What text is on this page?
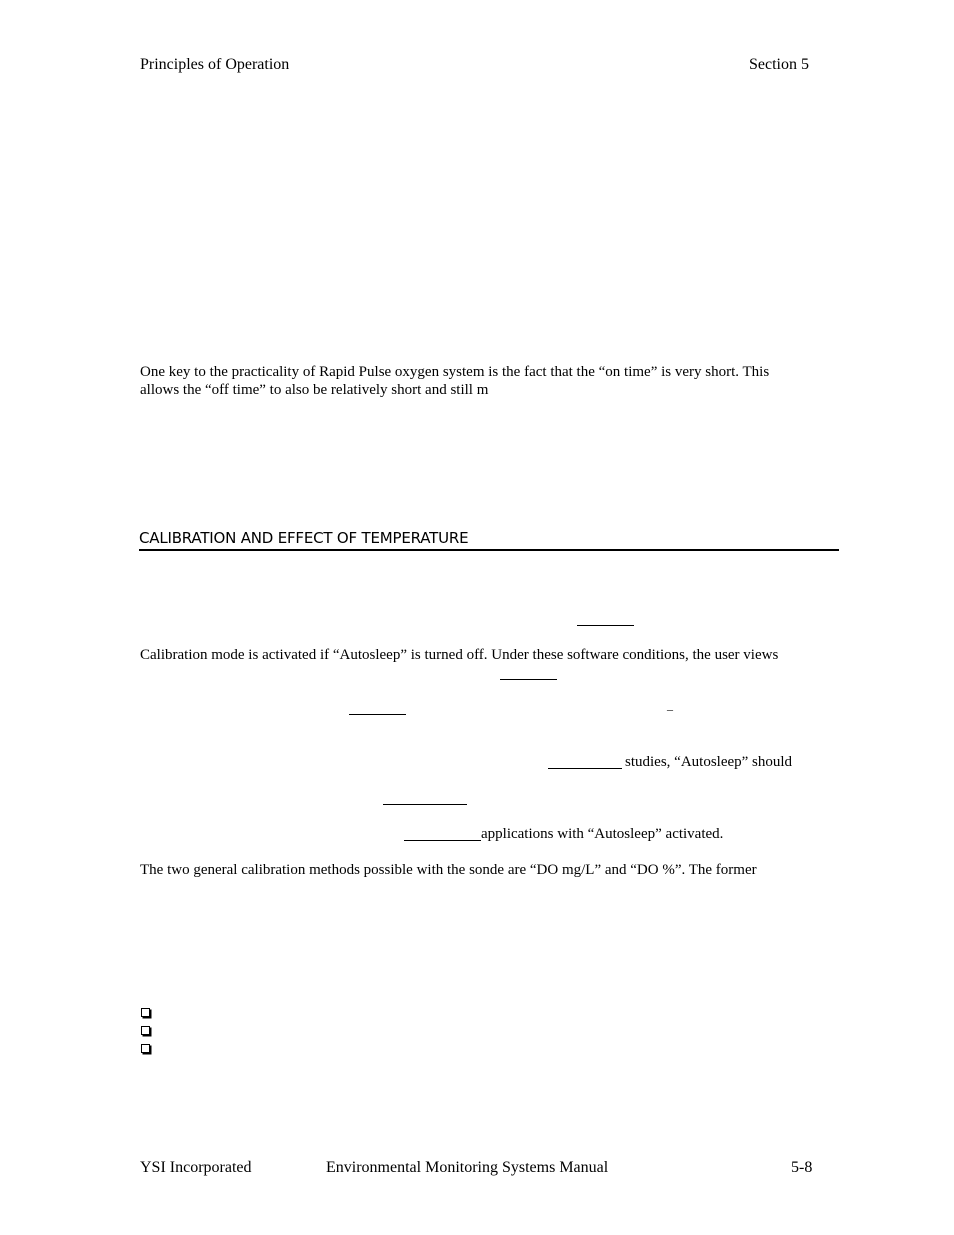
Principles of Operation	Section 5
One key to the practicality of Rapid Pulse oxygen system is the fact that the “on time” is very short. This
allows the “off time” to also be relatively short and still m
CALIBRATION AND EFFECT OF TEMPERATURE
Calibration mode is activated if “Autosleep” is turned off. Under these software conditions, the user views
_
studies, “Autosleep” should
applications with “Autosleep” activated.
The two general calibration methods possible with the sonde are “DO mg/L” and “DO %”. The former
YSI Incorporated	Environmental Monitoring Systems Manual	5-8
